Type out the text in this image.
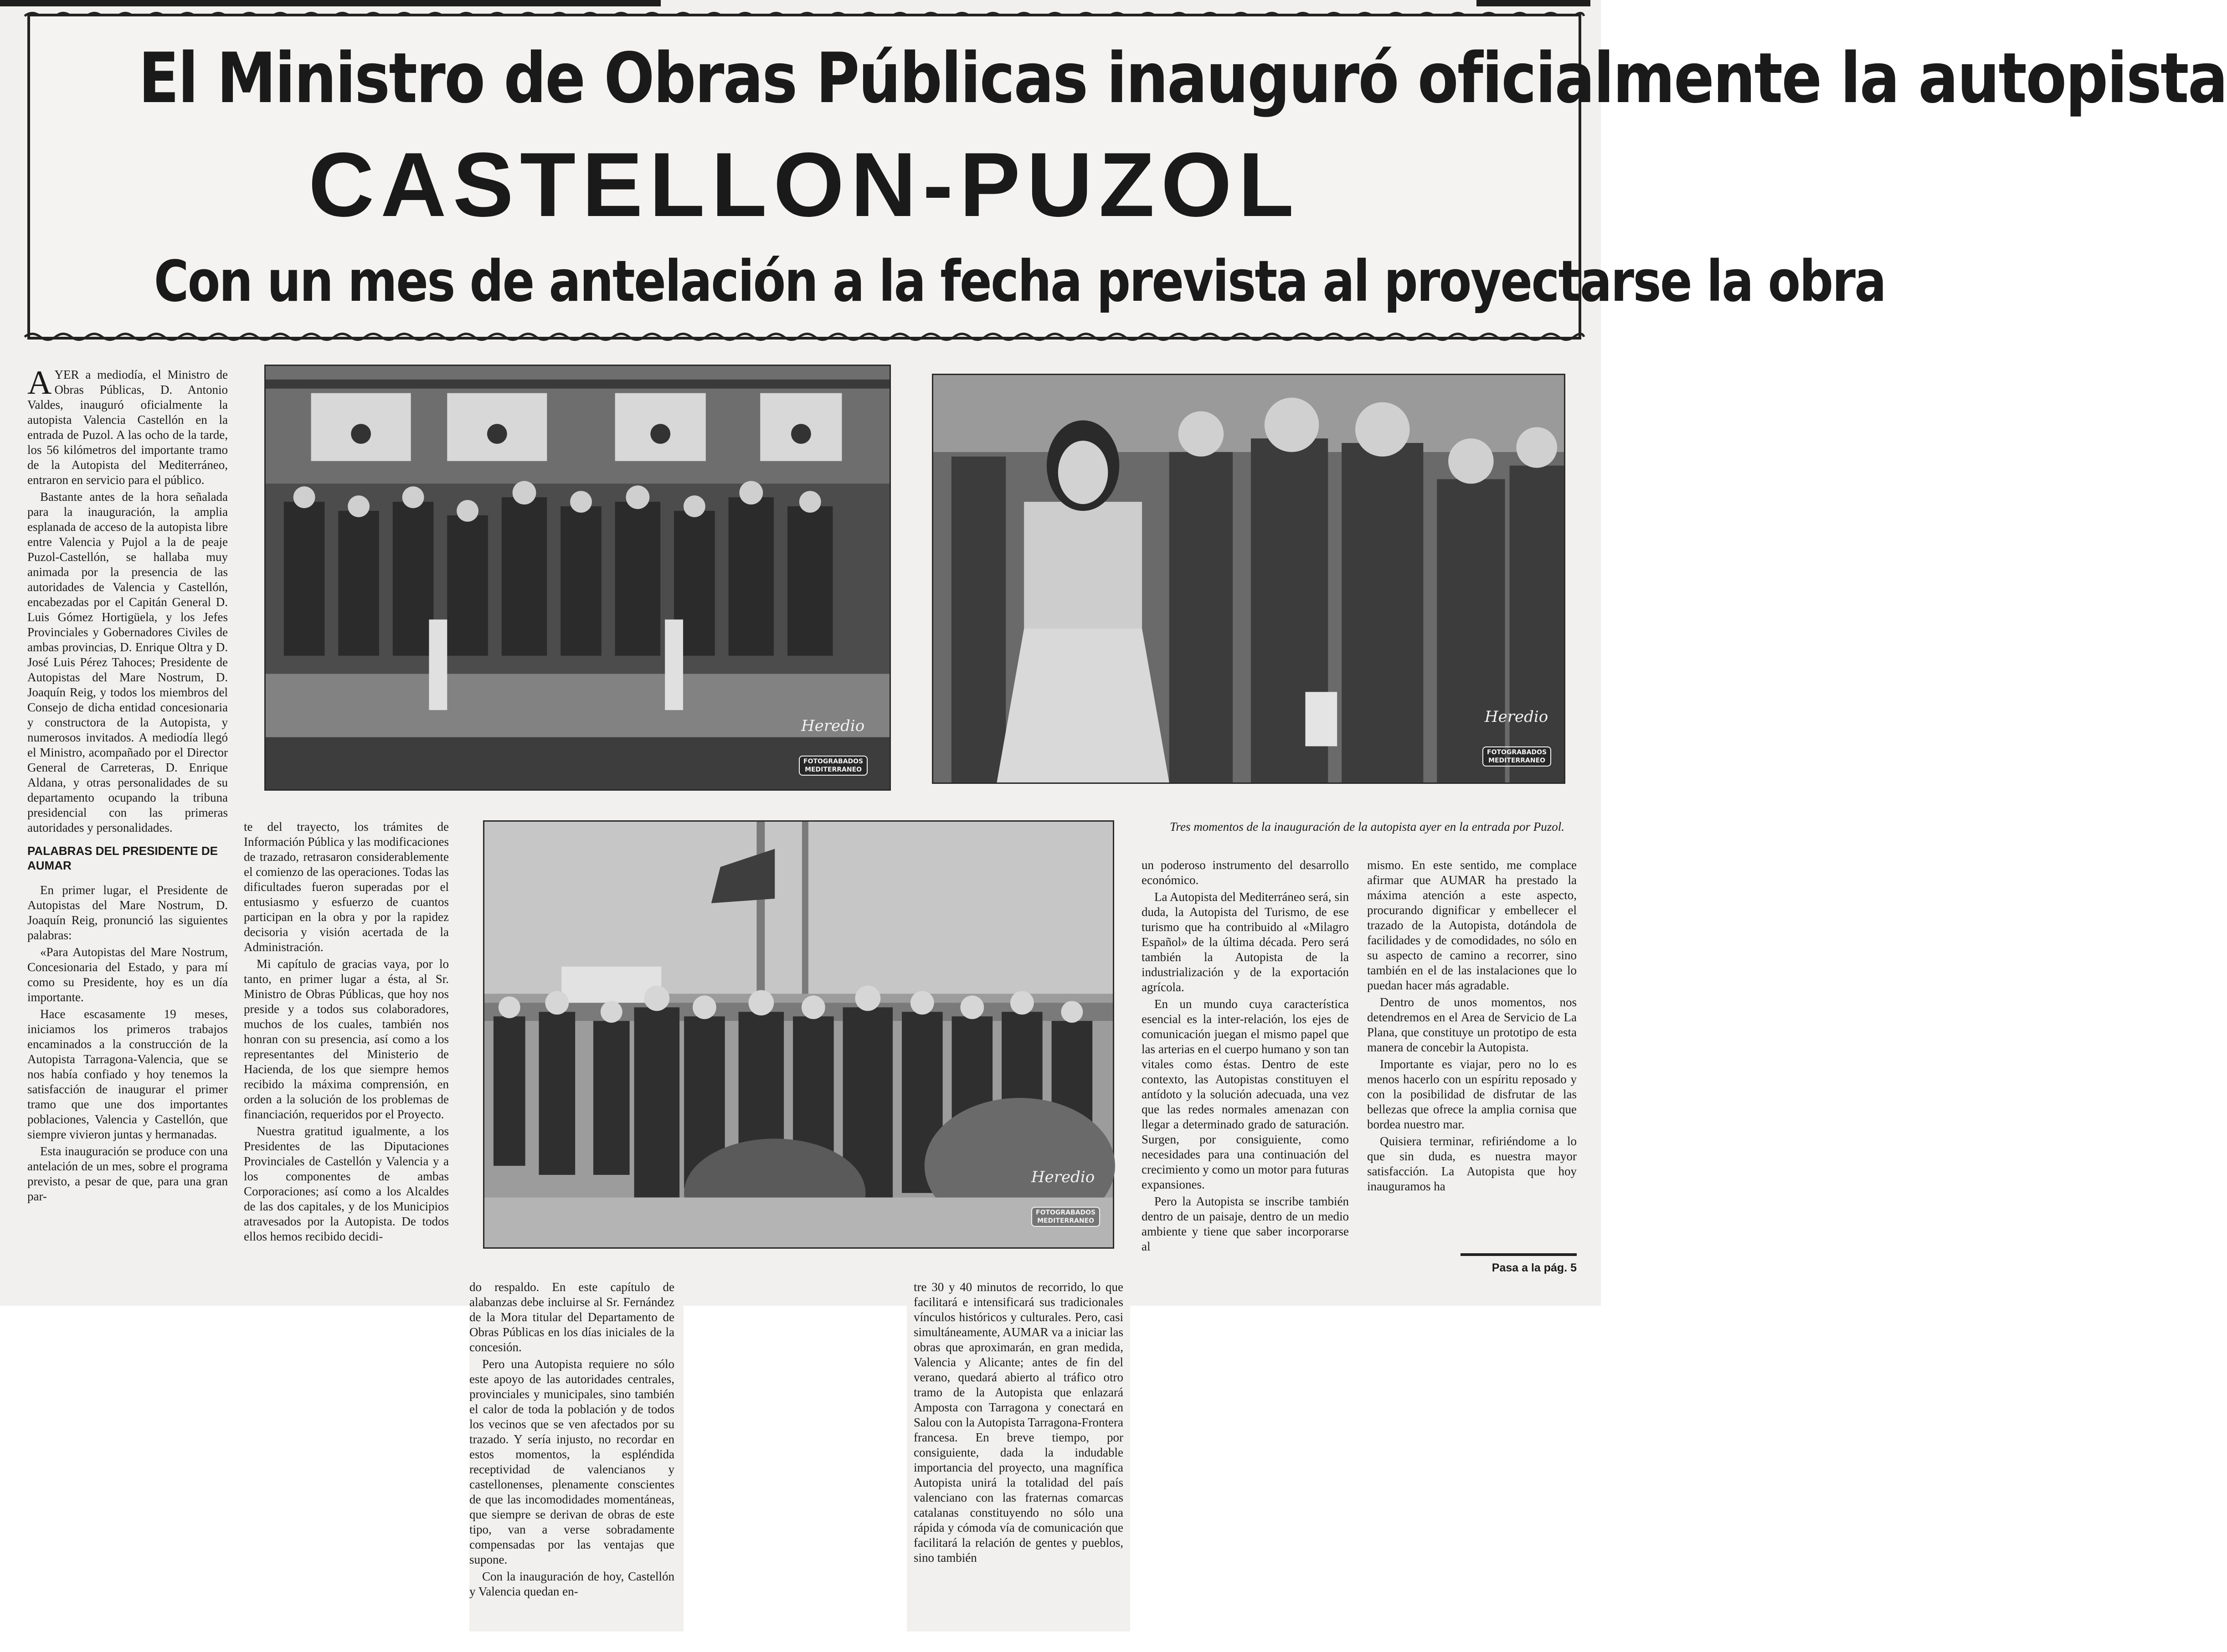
El Ministro de Obras Públicas inauguró oficialmente la autopista
CASTELLON-PUZOL
Con un mes de antelación a la fecha prevista al proyectarse la obra
Heredio
FOTOGRABADOS
MEDITERRANEO
Heredio
FOTOGRABADOS
MEDITERRANEO
Heredio
FOTOGRABADOS
MEDITERRANEO

AYER a mediodía, el Ministro de Obras Públicas, D. Antonio Valdes, inauguró oficialmente la autopista Valencia Castellón en la entrada de Puzol. A las ocho de la tarde, los 56 kilómetros del importante tramo de la Autopista del Mediterráneo, entraron en servicio para el público.

Bastante antes de la hora señalada para la inauguración, la amplia esplanada de acceso de la autopista libre entre Valencia y Pujol a la de peaje Puzol-Castellón, se hallaba muy animada por la presencia de las autoridades de Valencia y Castellón, encabezadas por el Capitán General D. Luis Gómez Hortigüela, y los Jefes Provinciales y Gobernadores Civiles de ambas provincias, D. Enrique Oltra y D. José Luis Pérez Tahoces; Presidente de Autopistas del Mare Nostrum, D. Joaquín Reig, y todos los miembros del Consejo de dicha entidad concesionaria y constructora de la Autopista, y numerosos invitados. A mediodía llegó el Ministro, acompañado por el Director General de Carreteras, D. Enrique Aldana, y otras personalidades de su departamento ocupando la tribuna presidencial con las primeras autoridades y personalidades.

PALABRAS DEL PRESIDENTE DE AUMAR

En primer lugar, el Presidente de Autopistas del Mare Nostrum, D. Joaquín Reig, pronunció las siguientes palabras:

«Para Autopistas del Mare Nostrum, Concesionaria del Estado, y para mí como su Presidente, hoy es un día importante.

Hace escasamente 19 meses, iniciamos los primeros trabajos encaminados a la construcción de la Autopista Tarragona-Valencia, que se nos había confiado y hoy tenemos la satisfacción de inaugurar el primer tramo que une dos importantes poblaciones, Valencia y Castellón, que siempre vivieron juntas y hermanadas.

Esta inauguración se produce con una antelación de un mes, sobre el programa previsto, a pesar de que, para una gran par-

te del trayecto, los trámites de Información Pública y las modificaciones de trazado, retrasaron considerablemente el comienzo de las operaciones. Todas las dificultades fueron superadas por el entusiasmo y esfuerzo de cuantos participan en la obra y por la rapidez decisoria y visión acertada de la Administración.

Mi capítulo de gracias vaya, por lo tanto, en primer lugar a ésta, al Sr. Ministro de Obras Públicas, que hoy nos preside y a todos sus colaboradores, muchos de los cuales, también nos honran con su presencia, así como a los representantes del Ministerio de Hacienda, de los que siempre hemos recibido la máxima comprensión, en orden a la solución de los problemas de financiación, requeridos por el Proyecto.

Nuestra gratitud igualmente, a los Presidentes de las Diputaciones Provinciales de Castellón y Valencia y a los componentes de ambas Corporaciones; así como a los Alcaldes de las dos capitales, y de los Municipios atravesados por la Autopista. De todos ellos hemos recibido decidi-

do respaldo. En este capítulo de alabanzas debe incluirse al Sr. Fernández de la Mora titular del Departamento de Obras Públicas en los días iniciales de la concesión.

Pero una Autopista requiere no sólo este apoyo de las autoridades centrales, provinciales y municipales, sino también el calor de toda la población y de todos los vecinos que se ven afectados por su trazado. Y sería injusto, no recordar en estos momentos, la espléndida receptividad de valencianos y castellonenses, plenamente conscientes de que las incomodidades momentáneas, que siempre se derivan de obras de este tipo, van a verse sobradamente compensadas por las ventajas que supone.

Con la inauguración de hoy, Castellón y Valencia quedan en-

tre 30 y 40 minutos de recorrido, lo que facilitará e intensificará sus tradicionales vínculos históricos y culturales. Pero, casi simultáneamente, AUMAR va a iniciar las obras que aproximarán, en gran medida, Valencia y Alicante; antes de fin del verano, quedará abierto al tráfico otro tramo de la Autopista que enlazará Amposta con Tarragona y conectará en Salou con la Autopista Tarragona-Frontera francesa. En breve tiempo, por consiguiente, dada la indudable importancia del proyecto, una magnífica Autopista unirá la totalidad del país valenciano con las fraternas comarcas catalanas constituyendo no sólo una rápida y cómoda vía de comunicación que facilitará la relación de gentes y pueblos, sino también

Tres momentos de la inauguración de la autopista ayer en la entrada por Puzol.

un poderoso instrumento del desarrollo económico.

La Autopista del Mediterráneo será, sin duda, la Autopista del Turismo, de ese turismo que ha contribuido al «Milagro Español» de la última década. Pero será también la Autopista de la industrialización y de la exportación agrícola.

En un mundo cuya característica esencial es la inter-relación, los ejes de comunicación juegan el mismo papel que las arterias en el cuerpo humano y son tan vitales como éstas. Dentro de este contexto, las Autopistas constituyen el antídoto y la solución adecuada, una vez que las redes normales amenazan con llegar a determinado grado de saturación. Surgen, por consiguiente, como necesidades para una continuación del crecimiento y como un motor para futuras expansiones.

Pero la Autopista se inscribe también dentro de un paisaje, dentro de un medio ambiente y tiene que saber incorporarse al

mismo. En este sentido, me complace afirmar que AUMAR ha prestado la máxima atención a este aspecto, procurando dignificar y embellecer el trazado de la Autopista, dotándola de facilidades y de comodidades, no sólo en su aspecto de camino a recorrer, sino también en el de las instalaciones que lo puedan hacer más agradable.

Dentro de unos momentos, nos detendremos en el Area de Servicio de La Plana, que constituye un prototipo de esta manera de concebir la Autopista.

Importante es viajar, pero no lo es menos hacerlo con un espíritu reposado y con la posibilidad de disfrutar de las bellezas que ofrece la amplia cornisa que bordea nuestro mar.

Quisiera terminar, refiriéndome a lo que sin duda, es nuestra mayor satisfacción. La Autopista que hoy inauguramos ha

Pasa a la pág. 5
